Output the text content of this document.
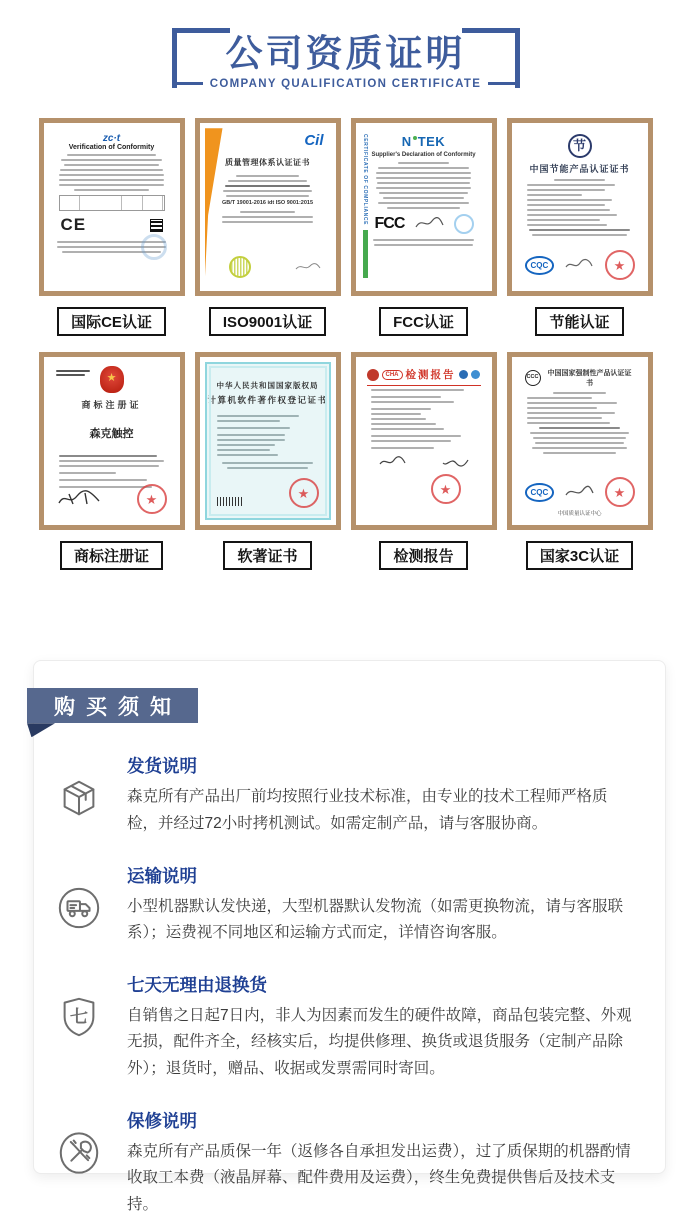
公司资质证明
COMPANY QUALIFICATION CERTIFICATE
zc·t
Verification of Conformity
CE
国际CE认证
Cil
质量管理体系认证证书
GB/T 19001-2016 idt ISO 9001:2015
ISO9001认证
CERTIFICATE OF COMPLIANCE	N TEK
Supplier's Declaration of Conformity
FCC
FCC认证
节
中国节能产品认证证书
CQC	★
节能认证
★
商标注册证
森克触控
★
商标注册证
中华人民共和国国家版权局
计算机软件著作权登记证书
★
软著证书
CHA 检测报告
★
检测报告
CCC	中国国家强制性产品认证证书
CQC	★
中国质量认证中心
国家3C认证
购买须知
发货说明
森克所有产品出厂前均按照行业技术标准，由专业的技术工程师严格质检，并经过72小时拷机测试。如需定制产品，请与客服协商。
运输说明
小型机器默认发快递，大型机器默认发物流（如需更换物流，请与客服联系）；运费视不同地区和运输方式而定，详情咨询客服。
七
七天无理由退换货
自销售之日起7日内，非人为因素而发生的硬件故障，商品包装完整、外观无损，配件齐全，经核实后，均提供修理、换货或退货服务（定制产品除外）；退货时，赠品、收据或发票需同时寄回。
保修说明
森克所有产品质保一年（返修各自承担发出运费），过了质保期的机器酌情收取工本费（液晶屏幕、配件费用及运费），终生免费提供售后及技术支持。
